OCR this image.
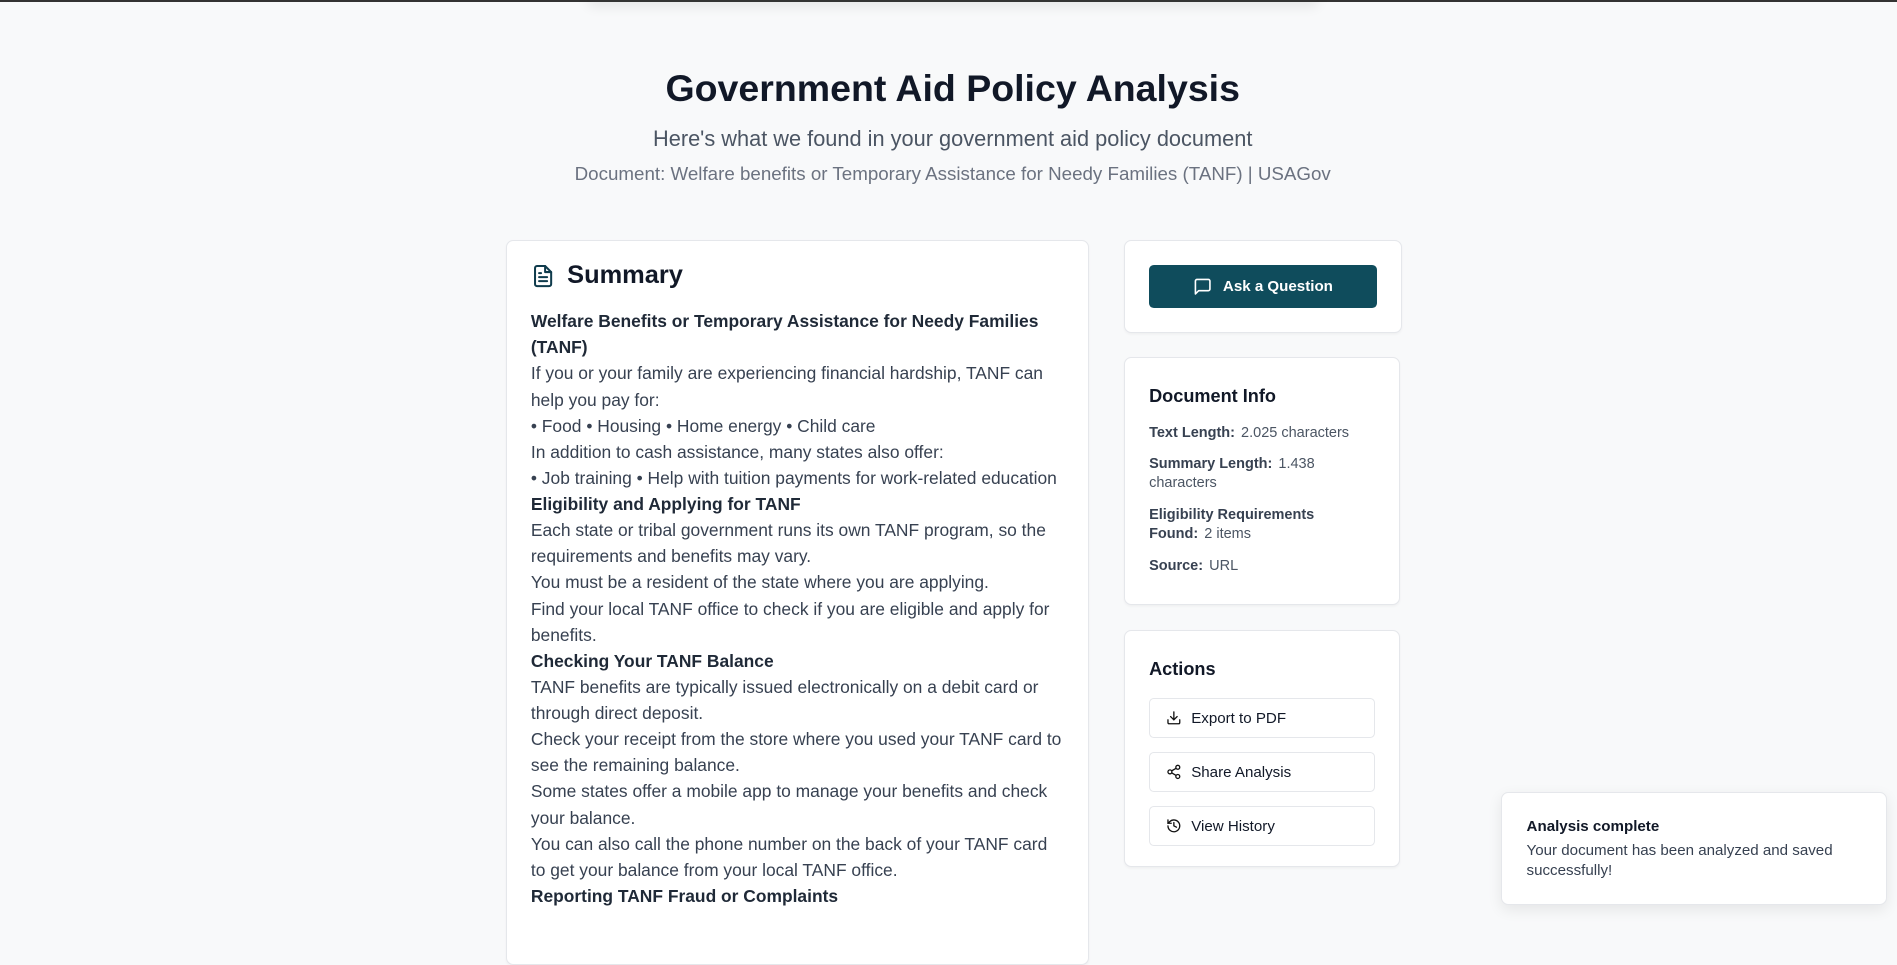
Government Aid Policy Analysis
Here's what we found in your government aid policy document
Document: Welfare benefits or Temporary Assistance for Needy Families (TANF) | USAGov
Summary
Welfare Benefits or Temporary Assistance for Needy Families (TANF)
If you or your family are experiencing financial hardship, TANF can help you pay for:
• Food • Housing • Home energy • Child care
In addition to cash assistance, many states also offer:
• Job training • Help with tuition payments for work-related education
Eligibility and Applying for TANF
Each state or tribal government runs its own TANF program, so the requirements and benefits may vary.
You must be a resident of the state where you are applying.
Find your local TANF office to check if you are eligible and apply for benefits.
Checking Your TANF Balance
TANF benefits are typically issued electronically on a debit card or through direct deposit.
Check your receipt from the store where you used your TANF card to see the remaining balance.
Some states offer a mobile app to manage your benefits and check your balance.
You can also call the phone number on the back of your TANF card to get your balance from your local TANF office.
Reporting TANF Fraud or Complaints
Ask a Question
Document Info
Text Length: 2.025 characters
Summary Length: 1.438 characters
Eligibility Requirements Found: 2 items
Source: URL
Actions
Export to PDF
Share Analysis
View History	Analysis complete
Your document has been analyzed and saved successfully!
